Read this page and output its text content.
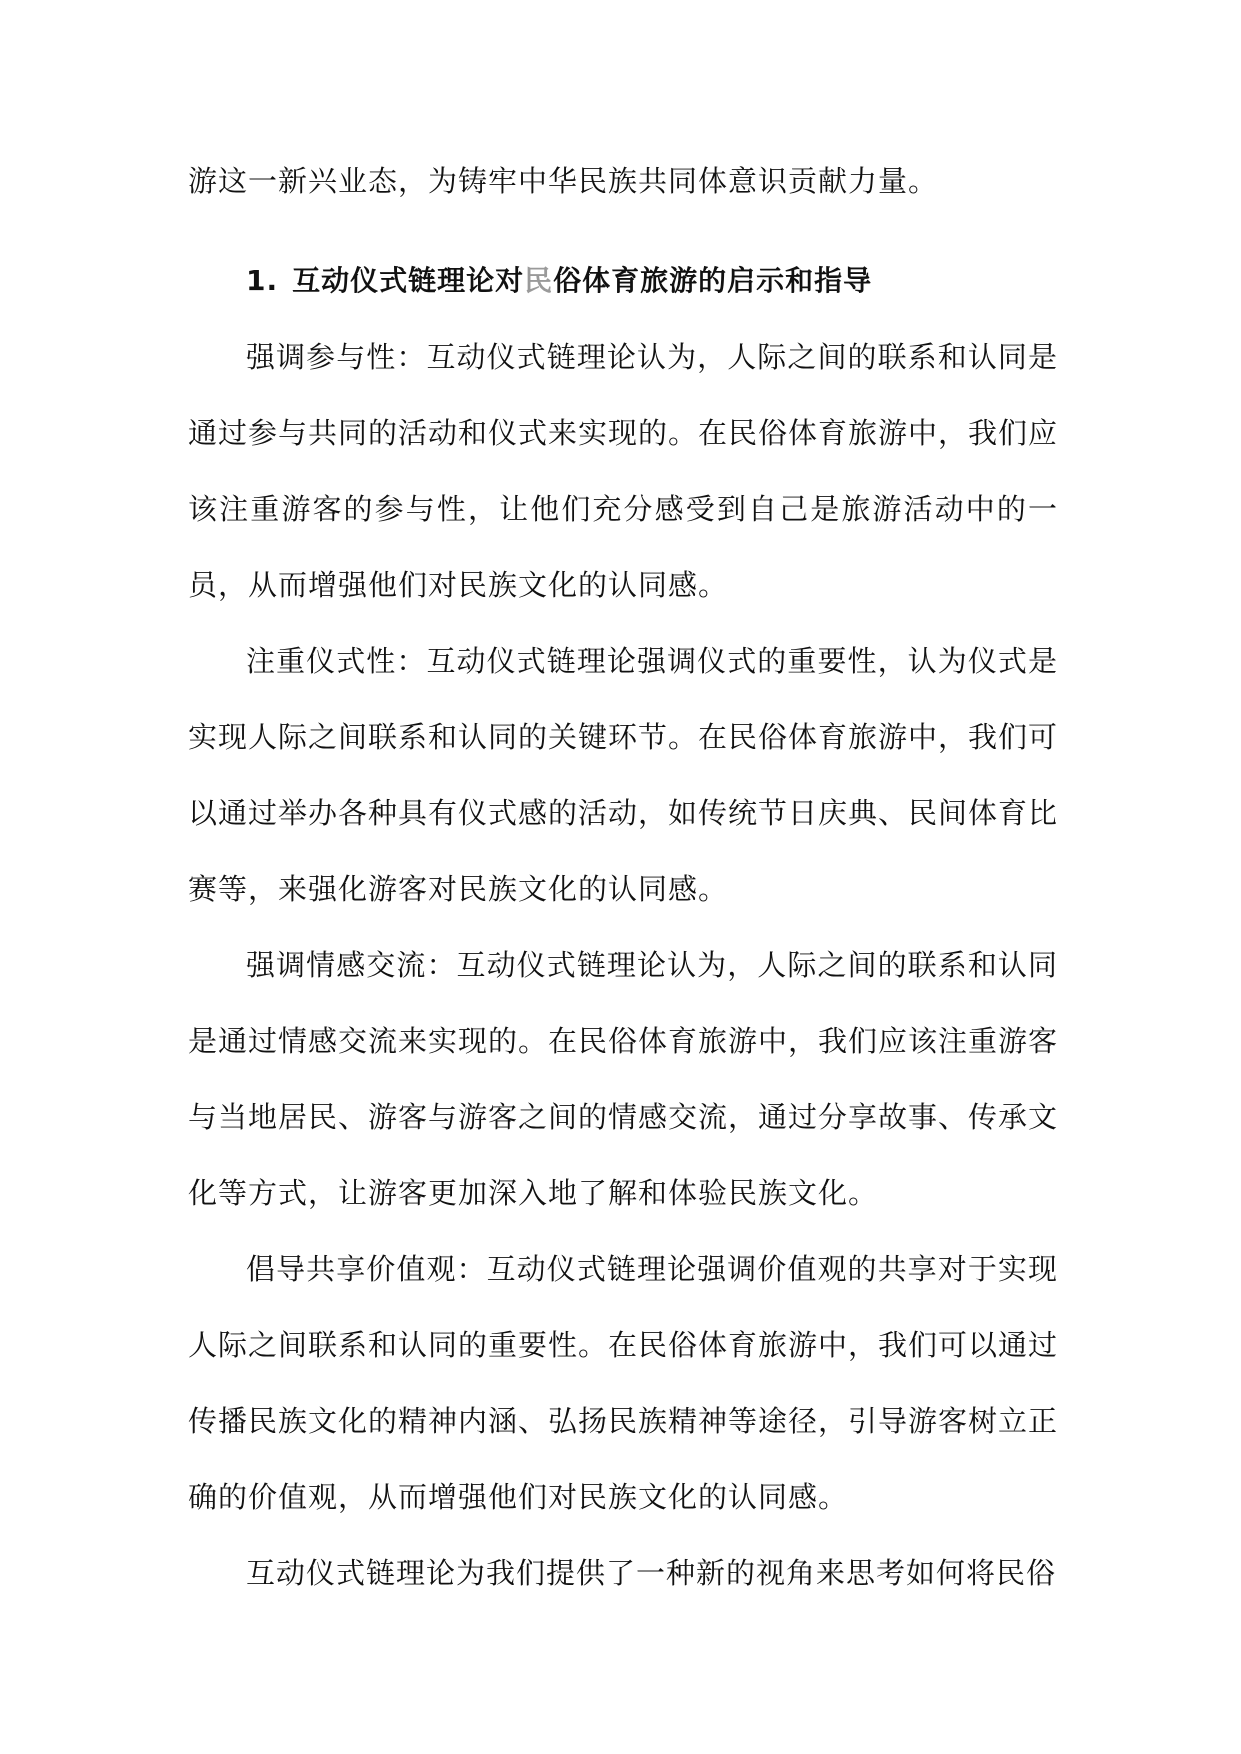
游这一新兴业态，为铸牢中华民族共同体意识贡献力量。

1. 互动仪式链理论对民俗体育旅游的启示和指导

强调参与性：互动仪式链理论认为，人际之间的联系和认同是通过参与共同的活动和仪式来实现的。在民俗体育旅游中，我们应该注重游客的参与性，让他们充分感受到自己是旅游活动中的一员，从而增强他们对民族文化的认同感。

注重仪式性：互动仪式链理论强调仪式的重要性，认为仪式是实现人际之间联系和认同的关键环节。在民俗体育旅游中，我们可以通过举办各种具有仪式感的活动，如传统节日庆典、民间体育比赛等，来强化游客对民族文化的认同感。

强调情感交流：互动仪式链理论认为，人际之间的联系和认同是通过情感交流来实现的。在民俗体育旅游中，我们应该注重游客与当地居民、游客与游客之间的情感交流，通过分享故事、传承文化等方式，让游客更加深入地了解和体验民族文化。

倡导共享价值观：互动仪式链理论强调价值观的共享对于实现人际之间联系和认同的重要性。在民俗体育旅游中，我们可以通过传播民族文化的精神内涵、弘扬民族精神等途径，引导游客树立正确的价值观，从而增强他们对民族文化的认同感。

互动仪式链理论为我们提供了一种新的视角来思考如何将民俗
